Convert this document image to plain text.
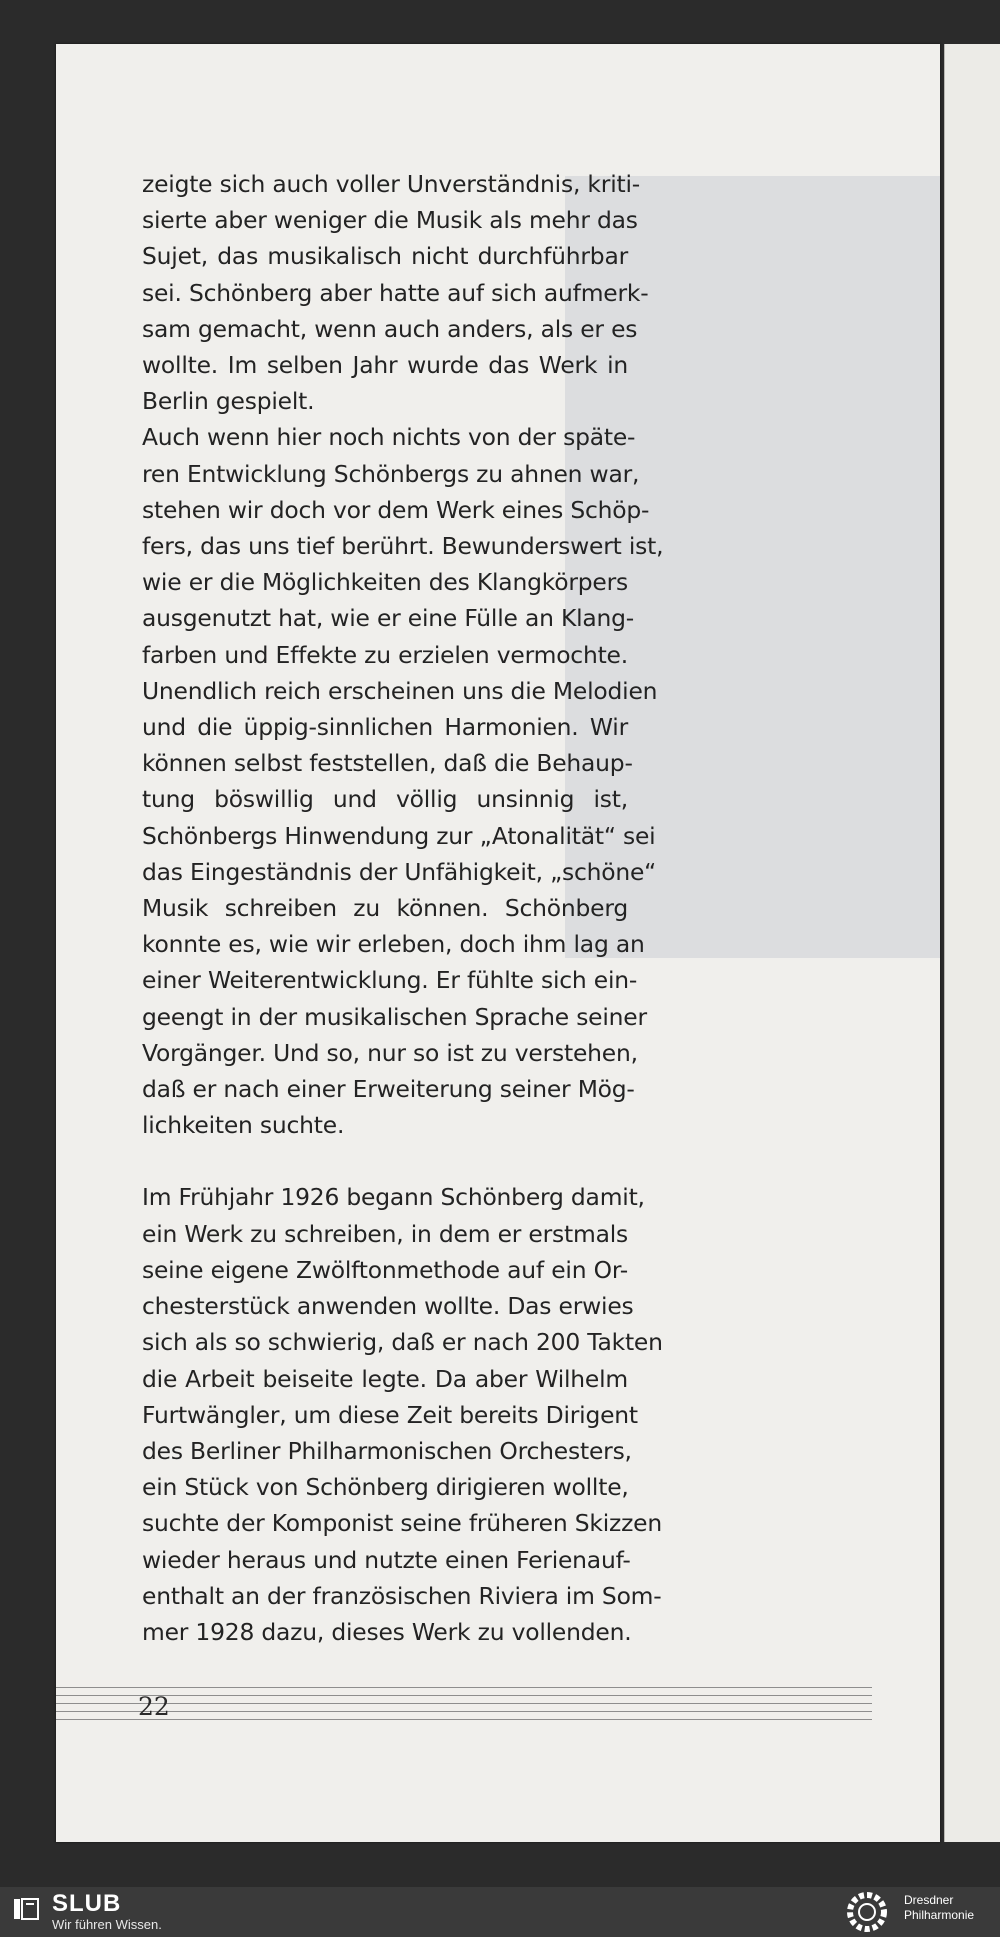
zeigte sich auch voller Unverständnis, kriti-
sierte aber weniger die Musik als mehr das
Sujet, das musikalisch nicht durchführbar
sei. Schönberg aber hatte auf sich aufmerk-
sam gemacht, wenn auch anders, als er es
wollte. Im selben Jahr wurde das Werk in
Berlin gespielt.

Auch wenn hier noch nichts von der späte-
ren Entwicklung Schönbergs zu ahnen war,
stehen wir doch vor dem Werk eines Schöp-
fers, das uns tief berührt. Bewunderswert ist,
wie er die Möglichkeiten des Klangkörpers
ausgenutzt hat, wie er eine Fülle an Klang-
farben und Effekte zu erzielen vermochte.
Unendlich reich erscheinen uns die Melodien
und die üppig-sinnlichen Harmonien. Wir
können selbst feststellen, daß die Behaup-
tung böswillig und völlig unsinnig ist,
Schönbergs Hinwendung zur „Atonalität“ sei
das Eingeständnis der Unfähigkeit, „schöne“
Musik schreiben zu können. Schönberg
konnte es, wie wir erleben, doch ihm lag an
einer Weiterentwicklung. Er fühlte sich ein-
geengt in der musikalischen Sprache seiner
Vorgänger. Und so, nur so ist zu verstehen,
daß er nach einer Erweiterung seiner Mög-
lichkeiten suchte.

Im Frühjahr 1926 begann Schönberg damit,
ein Werk zu schreiben, in dem er erstmals
seine eigene Zwölftonmethode auf ein Or-
chesterstück anwenden wollte. Das erwies
sich als so schwierig, daß er nach 200 Takten
die Arbeit beiseite legte. Da aber Wilhelm
Furtwängler, um diese Zeit bereits Dirigent
des Berliner Philharmonischen Orchesters,
ein Stück von Schönberg dirigieren wollte,
suchte der Komponist seine früheren Skizzen
wieder heraus und nutzte einen Ferienauf-
enthalt an der französischen Riviera im Som-
mer 1928 dazu, dieses Werk zu vollenden.

22
SLUB
Wir führen Wissen.
Dresdner
Philharmonie
